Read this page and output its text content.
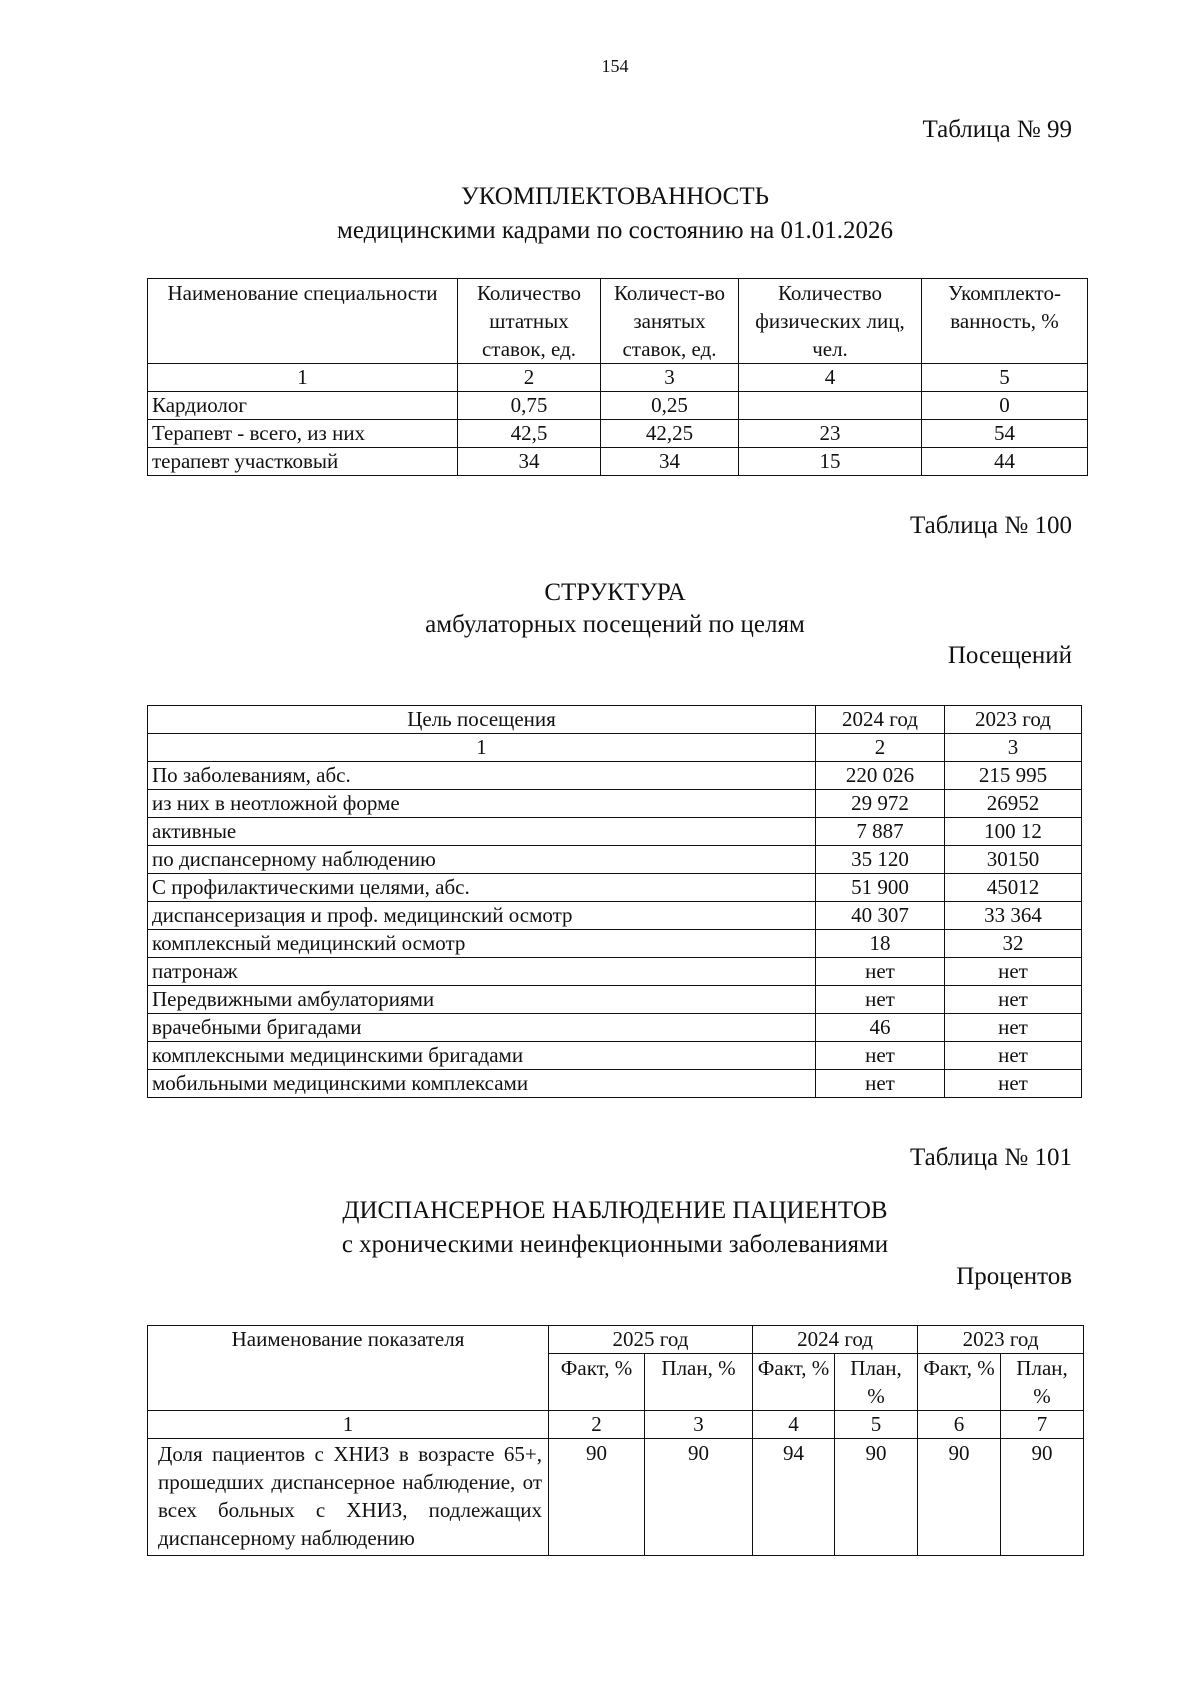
154
Таблица № 99
УКОМПЛЕКТОВАННОСТЬ
медицинскими кадрами по состоянию на 01.01.2026
Наименование специальности	Количество штатных ставок, ед.	Количест-во занятых ставок, ед.	Количество физических лиц, чел.	Укомплекто-ванность, %
1	2	3	4	5
Кардиолог	0,75	0,25		0
Терапевт - всего, из них	42,5	42,25	23	54
терапевт участковый	34	34	15	44
Таблица № 100
СТРУКТУРА
амбулаторных посещений по целям
Посещений
Цель посещения	2024 год	2023 год
1	2	3
По заболеваниям, абс.	220 026	215 995
из них в неотложной форме	29 972	26952
активные	7 887	100 12
по диспансерному наблюдению	35 120	30150
С профилактическими целями, абс.	51 900	45012
диспансеризация и проф. медицинский осмотр	40 307	33 364
комплексный медицинский осмотр	18	32
патронаж	нет	нет
Передвижными амбулаториями	нет	нет
врачебными бригадами	46	нет
комплексными медицинскими бригадами	нет	нет
мобильными медицинскими комплексами	нет	нет
Таблица № 101
ДИСПАНСЕРНОЕ НАБЛЮДЕНИЕ ПАЦИЕНТОВ
с хроническими неинфекционными заболеваниями
Процентов
Наименование показателя	2025 год		2024 год		2023 год	
	Факт, %	План, %	Факт, %	План, %	Факт, %	План, %
1	2	3	4	5	6	7
Доля пациентов с ХНИЗ в возрасте 65+, прошедших диспансерное наблюдение, от всех больных с ХНИЗ, подлежащих диспансерному наблюдению	90	90	94	90	90	90
